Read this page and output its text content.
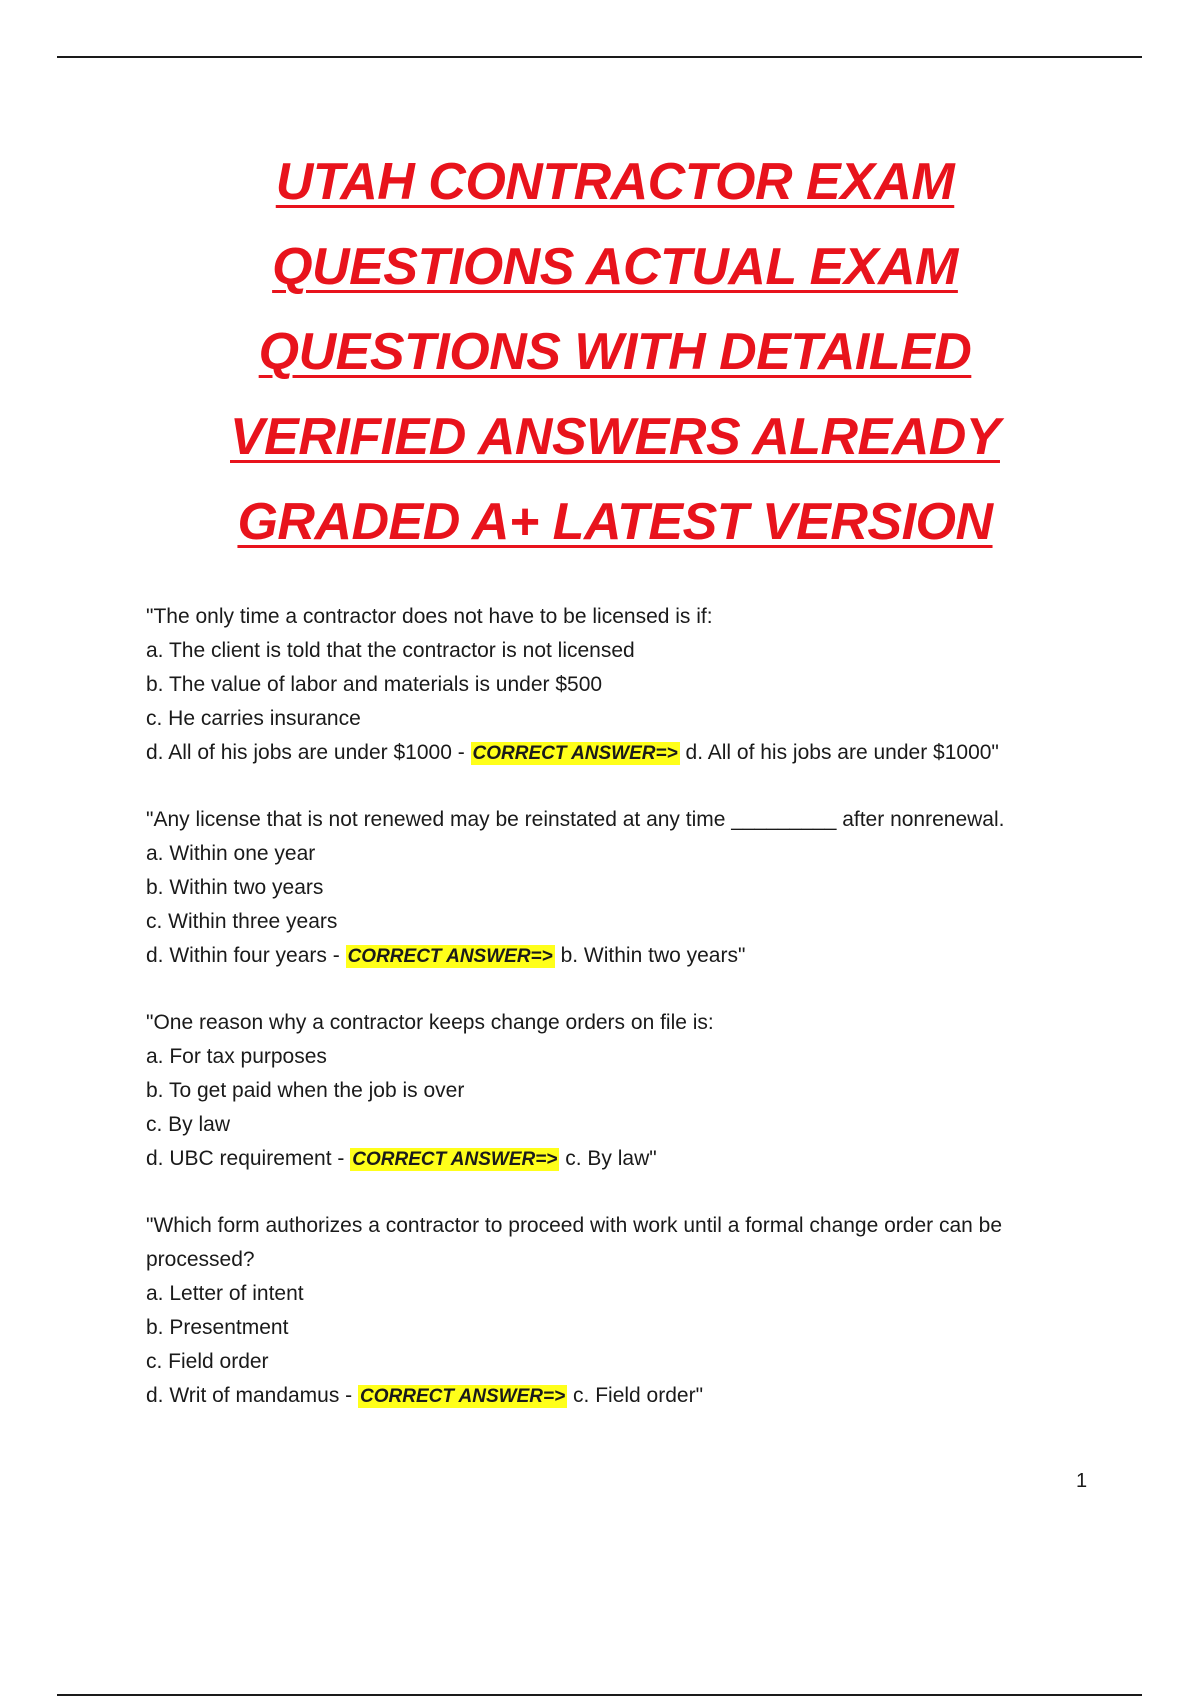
UTAH CONTRACTOR EXAM
QUESTIONS ACTUAL EXAM
QUESTIONS WITH DETAILED
VERIFIED ANSWERS ALREADY
GRADED A+ LATEST VERSION
"The only time a contractor does not have to be licensed is if:
a. The client is told that the contractor is not licensed
b. The value of labor and materials is under $500
c. He carries insurance
d. All of his jobs are under $1000 - CORRECT ANSWER=> d. All of his jobs are under $1000"
"Any license that is not renewed may be reinstated at any time _________ after nonrenewal.
a. Within one year
b. Within two years
c. Within three years
d. Within four years - CORRECT ANSWER=> b. Within two years"
"One reason why a contractor keeps change orders on file is:
a. For tax purposes
b. To get paid when the job is over
c. By law
d. UBC requirement - CORRECT ANSWER=> c. By law"
"Which form authorizes a contractor to proceed with work until a formal change order can be processed?
a. Letter of intent
b. Presentment
c. Field order
d. Writ of mandamus - CORRECT ANSWER=> c. Field order"
1
